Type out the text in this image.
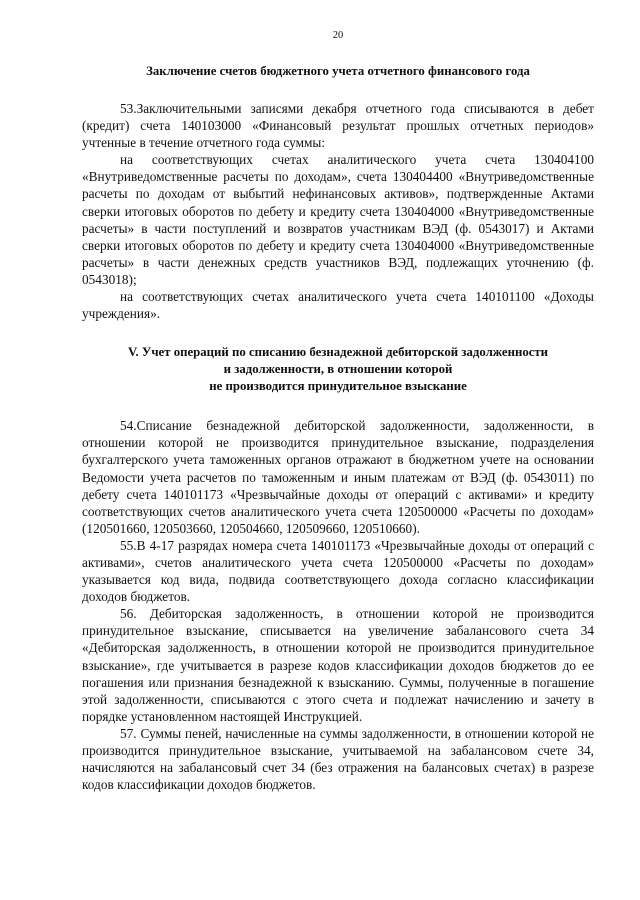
20
Заключение счетов бюджетного учета отчетного финансового года

53.Заключительными записями декабря отчетного года списываются в дебет (кредит) счета 140103000 «Финансовый результат прошлых отчетных периодов» учтенные в течение отчетного года суммы:

на соответствующих счетах аналитического учета счета 130404100 «Внутриведомственные расчеты по доходам», счета 130404400 «Внутриведомственные расчеты по доходам от выбытий нефинансовых активов», подтвержденные Актами сверки итоговых оборотов по дебету и кредиту счета 130404000 «Внутриведомственные расчеты» в части поступлений и возвратов участникам ВЭД (ф. 0543017) и Актами сверки итоговых оборотов по дебету и кредиту счета 130404000 «Внутриведомственные расчеты» в части денежных средств участников ВЭД, подлежащих уточнению (ф. 0543018);

на соответствующих счетах аналитического учета счета 140101100 «Доходы учреждения».

V. Учет операций по списанию безнадежной дебиторской задолженности
и задолженности, в отношении которой
не производится принудительное взыскание

54.Списание безнадежной дебиторской задолженности, задолженности, в отношении которой не производится принудительное взыскание, подразделения бухгалтерского учета таможенных органов отражают в бюджетном учете на основании Ведомости учета расчетов по таможенным и иным платежам от ВЭД (ф. 0543011) по дебету счета 140101173 «Чрезвычайные доходы от операций с активами» и кредиту соответствующих счетов аналитического учета счета 120500000 «Расчеты по доходам» (120501660, 120503660, 120504660, 120509660, 120510660).

55.В 4-17 разрядах номера счета 140101173 «Чрезвычайные доходы от операций с активами», счетов аналитического учета счета 120500000 «Расчеты по доходам» указывается код вида, подвида соответствующего дохода согласно классификации доходов бюджетов.

56. Дебиторская задолженность, в отношении которой не производится принудительное взыскание, списывается на увеличение забалансового счета 34 «Дебиторская задолженность, в отношении которой не производится принудительное взыскание», где учитывается в разрезе кодов классификации доходов бюджетов до ее погашения или признания безнадежной к взысканию. Суммы, полученные в погашение этой задолженности, списываются с этого счета и подлежат начислению и зачету в порядке установленном настоящей Инструкцией.

57. Суммы пеней, начисленные на суммы задолженности, в отношении которой не производится принудительное взыскание, учитываемой на забалансовом счете 34, начисляются на забалансовый счет 34 (без отражения на балансовых счетах) в разрезе кодов классификации доходов бюджетов.
